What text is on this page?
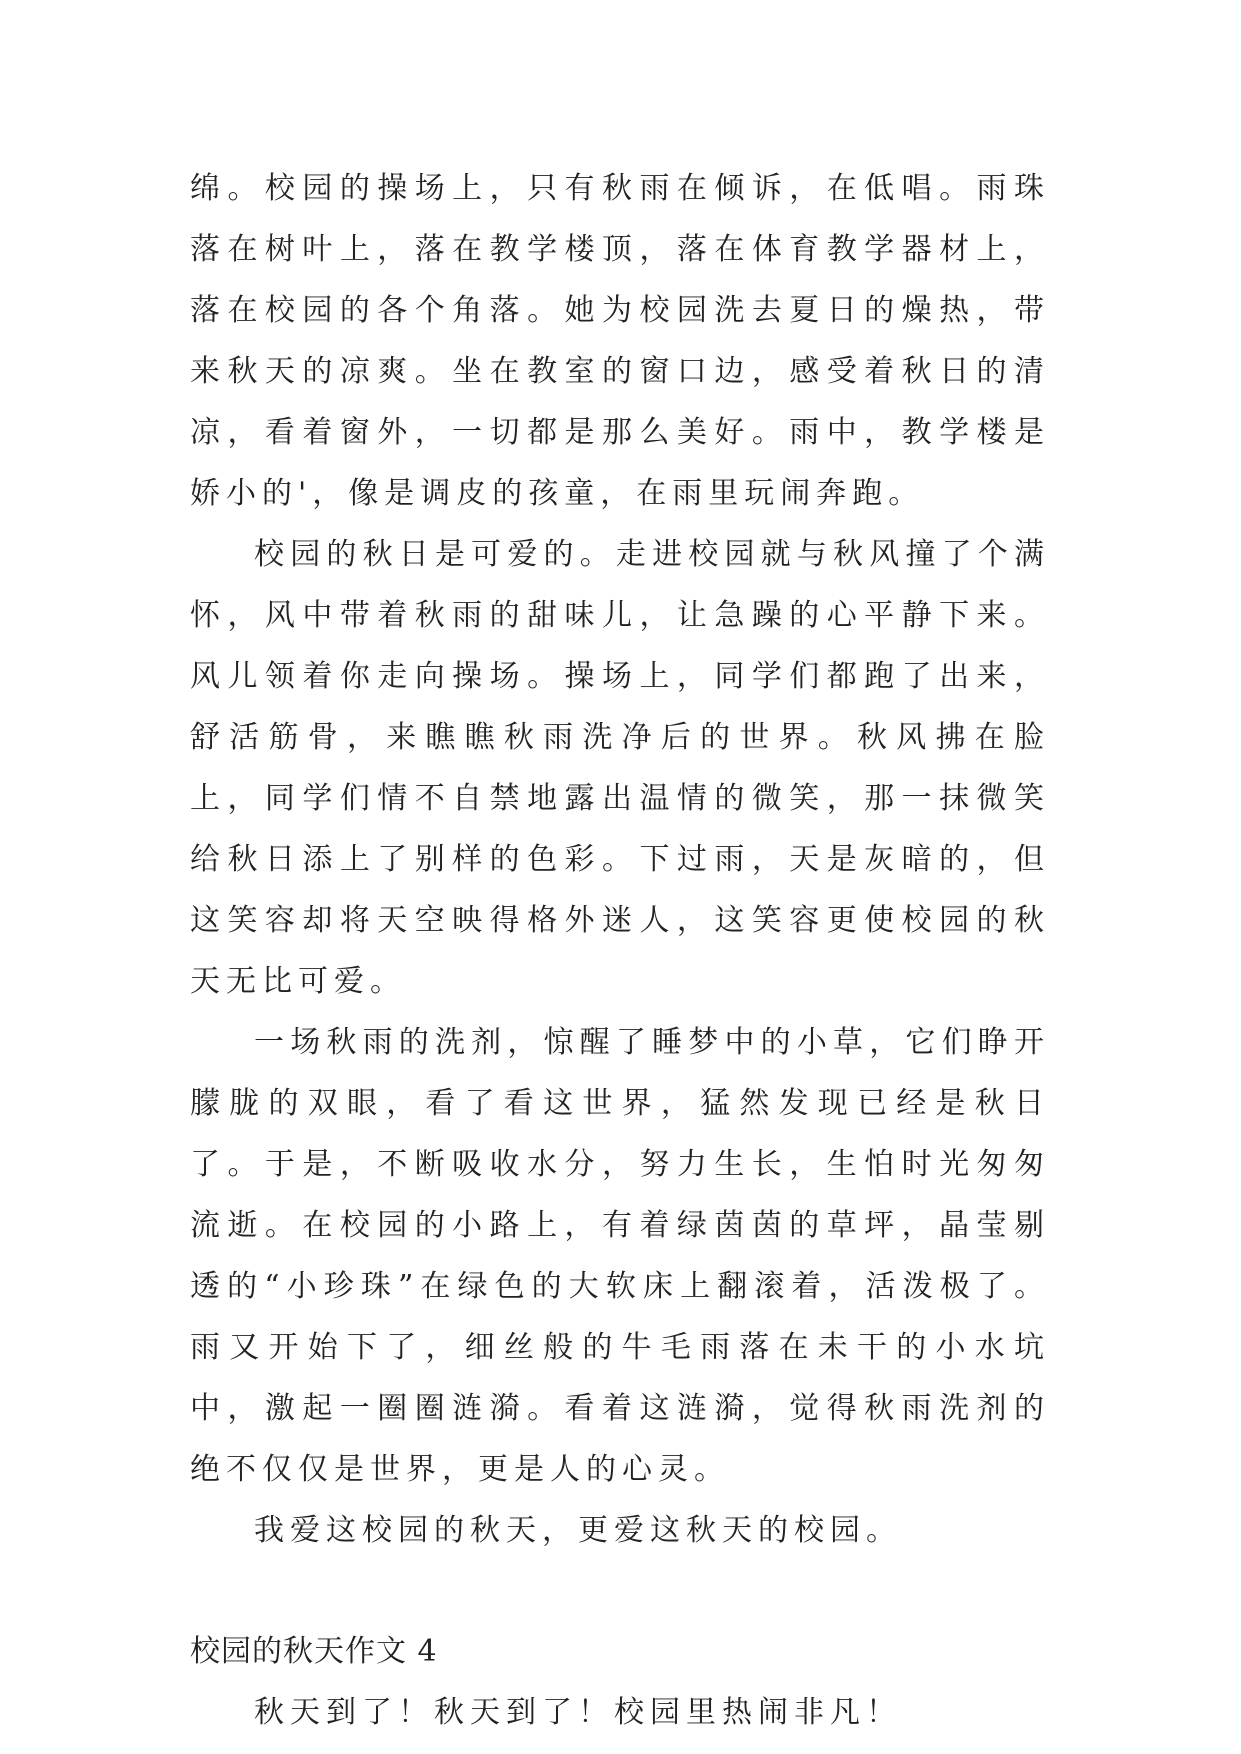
绵。校园的操场上，只有秋雨在倾诉，在低唱。雨珠落在树叶上，落在教学楼顶，落在体育教学器材上，落在校园的各个角落。她为校园洗去夏日的燥热，带来秋天的凉爽。坐在教室的窗口边，感受着秋日的清凉，看着窗外，一切都是那么美好。雨中，教学楼是娇小的'，像是调皮的孩童，在雨里玩闹奔跑。

校园的秋日是可爱的。走进校园就与秋风撞了个满怀，风中带着秋雨的甜味儿，让急躁的心平静下来。风儿领着你走向操场。操场上，同学们都跑了出来，舒活筋骨，来瞧瞧秋雨洗净后的世界。秋风拂在脸上，同学们情不自禁地露出温情的微笑，那一抹微笑给秋日添上了别样的色彩。下过雨，天是灰暗的，但这笑容却将天空映得格外迷人，这笑容更使校园的秋天无比可爱。

一场秋雨的洗剂，惊醒了睡梦中的小草，它们睁开朦胧的双眼，看了看这世界，猛然发现已经是秋日了。于是，不断吸收水分，努力生长，生怕时光匆匆流逝。在校园的小路上，有着绿茵茵的草坪，晶莹剔透的“小珍珠”在绿色的大软床上翻滚着，活泼极了。雨又开始下了，细丝般的牛毛雨落在未干的小水坑中，激起一圈圈涟漪。看着这涟漪，觉得秋雨洗剂的绝不仅仅是世界，更是人的心灵。

我爱这校园的秋天，更爱这秋天的校园。

校园的秋天作文 4

秋天到了！秋天到了！校园里热闹非凡！
